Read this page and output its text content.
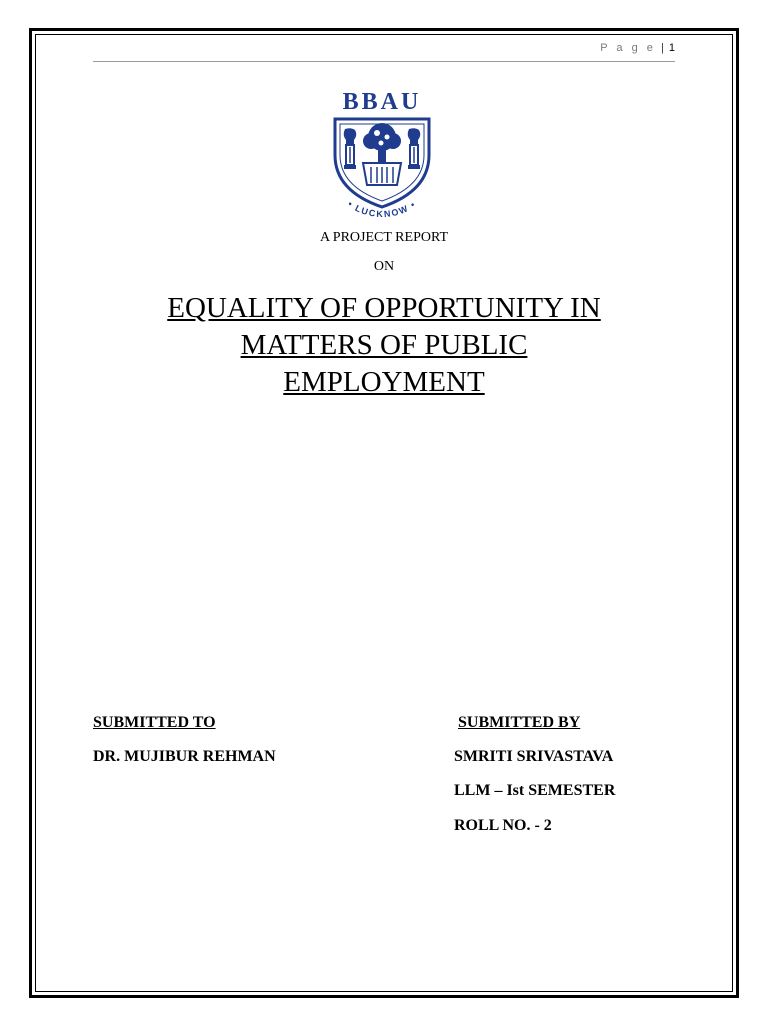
P a g e | 1
BBAU
• LUCKNOW •
A PROJECT REPORT
ON
EQUALITY OF OPPORTUNITY IN
MATTERS OF PUBLIC
EMPLOYMENT
SUBMITTED TO
DR. MUJIBUR REHMAN
SUBMITTED BY
SMRITI SRIVASTAVA
LLM – Ist SEMESTER
ROLL NO. - 2
